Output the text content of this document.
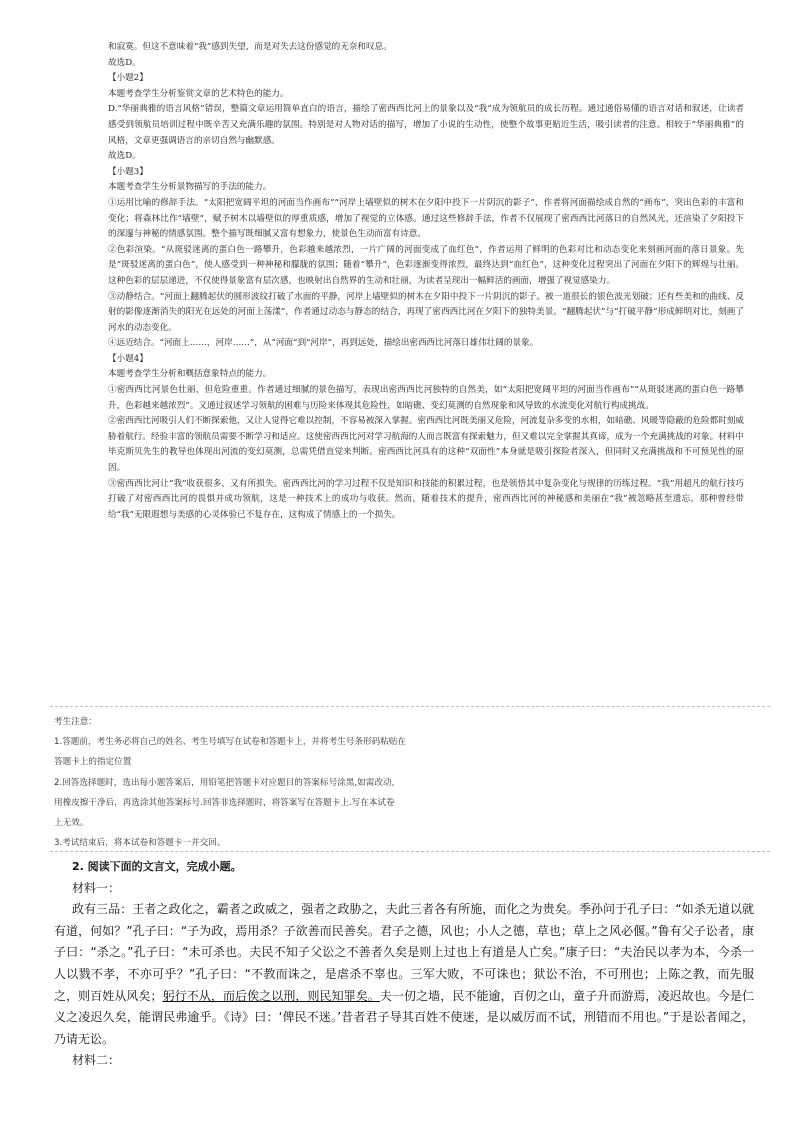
和寂寞。但这不意味着“我”感到失望，而是对失去这份感觉的无奈和叹息。

故选D。

【小题2】

本题考查学生分析鉴赏文章的艺术特色的能力。

D.“华丽典雅的语言风格”错误，整篇文章运用简单直白的语言，描绘了密西西比河上的景象以及“我”成为领航员的成长历程。通过通俗易懂的语言对话和叙述，让读者感受到领航员培训过程中既辛苦又充满乐趣的氛围。特别是对人物对话的描写，增加了小说的生动性，使整个故事更贴近生活，吸引读者的注意。相较于“华丽典雅”的风格，文章更强调语言的亲切自然与幽默感。

故选D。

【小题3】

本题考查学生分析景物描写的手法的能力。

①运用比喻的修辞手法。“太阳把宽阔平坦的河面当作画布”“河岸上墙壁似的树木在夕阳中投下一片阴沉的影子”，作者将河面描绘成自然的“画布”，突出色彩的丰富和变化；将森林比作“墙壁”，赋予树木以墙壁似的厚重质感，增加了视觉的立体感。通过这些修辞手法，作者不仅展现了密西西比河落日的自然风光，还渲染了夕阳投下的深邃与神秘的情感氛围。整个描写既细腻又富有想象力，使景色生动而富有诗意。

②色彩渲染。“从斑驳迷离的蛋白色一路攀升，色彩越来越浓烈，一片广阔的河面变成了血红色”，作者运用了鲜明的色彩对比和动态变化来刻画河面的落日景象。先是“斑驳迷离的蛋白色”，使人感受到一种神秘和朦胧的氛围；随着“攀升”，色彩逐渐变得浓烈，最终达到“血红色”，这种变化过程突出了河面在夕阳下的辉煌与壮丽。这种色彩的层层递进，不仅使得景象富有层次感，也映射出自然界的生动和壮丽，为读者呈现出一幅鲜活的画面，增强了视觉感染力。

③动静结合。“河面上翻腾起伏的圆形波纹打破了水面的平静，河岸上墙壁似的树木在夕阳中投下一片阴沉的影子。被一道很长的银色波光划破；还有些美和的曲线、反射的影像逐渐消失的阳光在远处的河面上荡漾”，作者通过动态与静态的结合，再现了密西西比河在夕阳下的独特美景。“翻腾起伏”与“打破平静”形成鲜明对比，刻画了河水的动态变化。

④远近结合。“河面上……，河岸……”，从“河面”到“河岸”，再到远处，描绘出密西西比河落日雄伟壮阔的景象。

【小题4】

本题考查学生分析和概括意象特点的能力。

①密西西比河景色壮丽，但危险重重。作者通过细腻的景色描写，表现出密西西比河独特的自然美，如“太阳把宽阔平坦的河面当作画布”“从斑驳迷离的蛋白色一路攀升，色彩越来越浓烈”。又通过叙述学习领航的困难与历险来体现其危险性，如暗礁、变幻莫测的自然现象和风导致的水流变化对航行构成挑战。

②密西西比河吸引人们不断探索他，又让人觉得它难以控制，不容易被深入掌握。密西西比河既美丽又危险，河流复杂多变的水相，如暗礁、风暖等隐蔽的危险都时刻威胁着航行。经验丰富的领航员需要不断学习和适应。这使密西西比河对学习航海的人而言既富有探索魅力，但又难以完全掌握其真谛，成为一个充满挑战的对象。材料中毕克斯贝先生的教导也体现出河流的变幻莫测，总需凭借直觉来判断。密西西比河具有的这种“双面性”本身就是吸引探险者深入，但同时又充满挑战和不可预见性的原因。

③密西西比河让“我”收获很多，又有所损失。密西西比河的学习过程不仅是知识和技能的积累过程，也是领悟其中复杂变化与规律的历练过程。“我”用超凡的航行技巧打破了对密西西比河的畏惧并成功领航，这是一种技术上的成功与收获。然而，随着技术的提升，密西西比河的神秘感和美丽在“我”被忽略甚至遗忘，那种曾经带给“我”无限遐想与美感的心灵体验已不复存在，这构成了情感上的一个损失。

考生注意：

1.答题前，考生务必将自己的姓名、考生号填写在试卷和答题卡上，并将考生号条形码粘贴在

答题卡上的指定位置

2.回答选择题时，选出每小题答案后，用铅笔把答题卡对应题目的答案标号涂黑,如需改动，

用橡皮擦干净后，再选涂其他答案标号.回答非选择题时，将答案写在答题卡上.写在本试卷

上无效。

3.考试结束后，将本试卷和答题卡一并交回。

2. 阅读下面的文言文，完成小题。

材料一：

政有三品：王者之政化之，霸者之政威之，强者之政胁之，夫此三者各有所施，而化之为贵矣。季孙问于孔子曰：“如杀无道以就有道，何如？”孔子曰：“子为政，焉用杀？子欲善而民善矣。君子之德，风也；小人之德，草也；草上之风必偃。”鲁有父子讼者，康子曰：“杀之。”孔子曰：“未可杀也。夫民不知子父讼之不善者久矣是则上过也上有道是人亡矣。”康子曰：“夫治民以孝为本，今杀一人以戮不孝，不亦可乎？”孔子曰：“不教而诛之，是虐杀不辜也。三军大败，不可诛也；狱讼不治，不可刑也；上陈之教，而先服之，则百姓从风矣；躬行不从，而后俟之以刑，则民知罪矣。夫一仞之墙，民不能逾，百仞之山，童子升而游焉，凌迟故也。今是仁义之凌迟久矣，能谓民弗逾乎。《诗》曰：‘俾民不迷。’昔者君子导其百姓不使迷，是以威厉而不试，刑错而不用也。”于是讼者闻之，乃请无讼。

材料二：
